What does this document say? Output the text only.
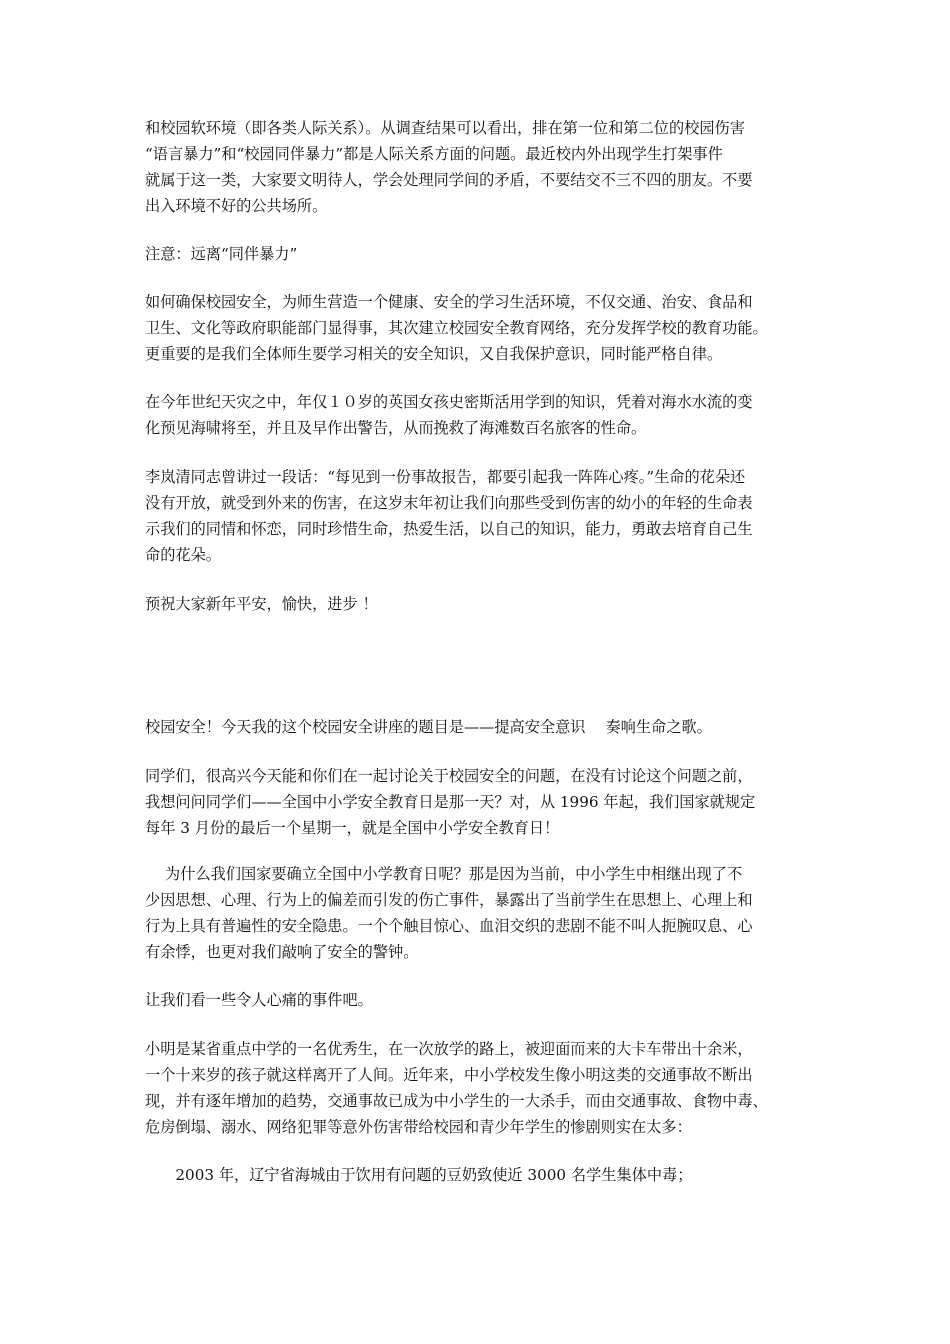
和校园软环境（即各类人际关系）。从调查结果可以看出，排在第一位和第二位的校园伤害
“语言暴力”和“校园同伴暴力”都是人际关系方面的问题。最近校内外出现学生打架事件
就属于这一类，大家要文明待人，学会处理同学间的矛盾，不要结交不三不四的朋友。不要
出入环境不好的公共场所。
注意：远离“同伴暴力”
如何确保校园安全，为师生营造一个健康、安全的学习生活环境，不仅交通、治安、食品和
卫生、文化等政府职能部门显得事，其次建立校园安全教育网络，充分发挥学校的教育功能。
更重要的是我们全体师生要学习相关的安全知识，又自我保护意识，同时能严格自律。
在今年世纪天灾之中，年仅１０岁的英国女孩史密斯活用学到的知识，凭着对海水水流的变
化预见海啸将至，并且及早作出警告，从而挽救了海滩数百名旅客的性命。
李岚清同志曾讲过一段话：“每见到一份事故报告，都要引起我一阵阵心疼。”生命的花朵还
没有开放，就受到外来的伤害，在这岁末年初让我们向那些受到伤害的幼小的年轻的生命表
示我们的同情和怀恋，同时珍惜生命，热爱生活，以自己的知识，能力，勇敢去培育自己生
命的花朵。
预祝大家新年平安，愉快，进步 ！
校园安全！今天我的这个校园安全讲座的题目是——提高安全意识　 奏响生命之歌。
同学们，很高兴今天能和你们在一起讨论关于校园安全的问题，在没有讨论这个问题之前，
我想问问同学们——全国中小学安全教育日是那一天？对，从 1996 年起，我们国家就规定
每年 3 月份的最后一个星期一，就是全国中小学安全教育日！
　 为什么我们国家要确立全国中小学教育日呢？那是因为当前，中小学生中相继出现了不
少因思想、心理、行为上的偏差而引发的伤亡事件，暴露出了当前学生在思想上、心理上和
行为上具有普遍性的安全隐患。一个个触目惊心、血泪交织的悲剧不能不叫人扼腕叹息、心
有余悸，也更对我们敲响了安全的警钟。
让我们看一些令人心痛的事件吧。
小明是某省重点中学的一名优秀生，在一次放学的路上，被迎面而来的大卡车带出十余米，
一个十来岁的孩子就这样离开了人间。近年来，中小学校发生像小明这类的交通事故不断出
现，并有逐年增加的趋势，交通事故已成为中小学生的一大杀手，而由交通事故、食物中毒、
危房倒塌、溺水、网络犯罪等意外伤害带给校园和青少年学生的惨剧则实在太多：
　　2003 年，辽宁省海城由于饮用有问题的豆奶致使近 3000 名学生集体中毒；
